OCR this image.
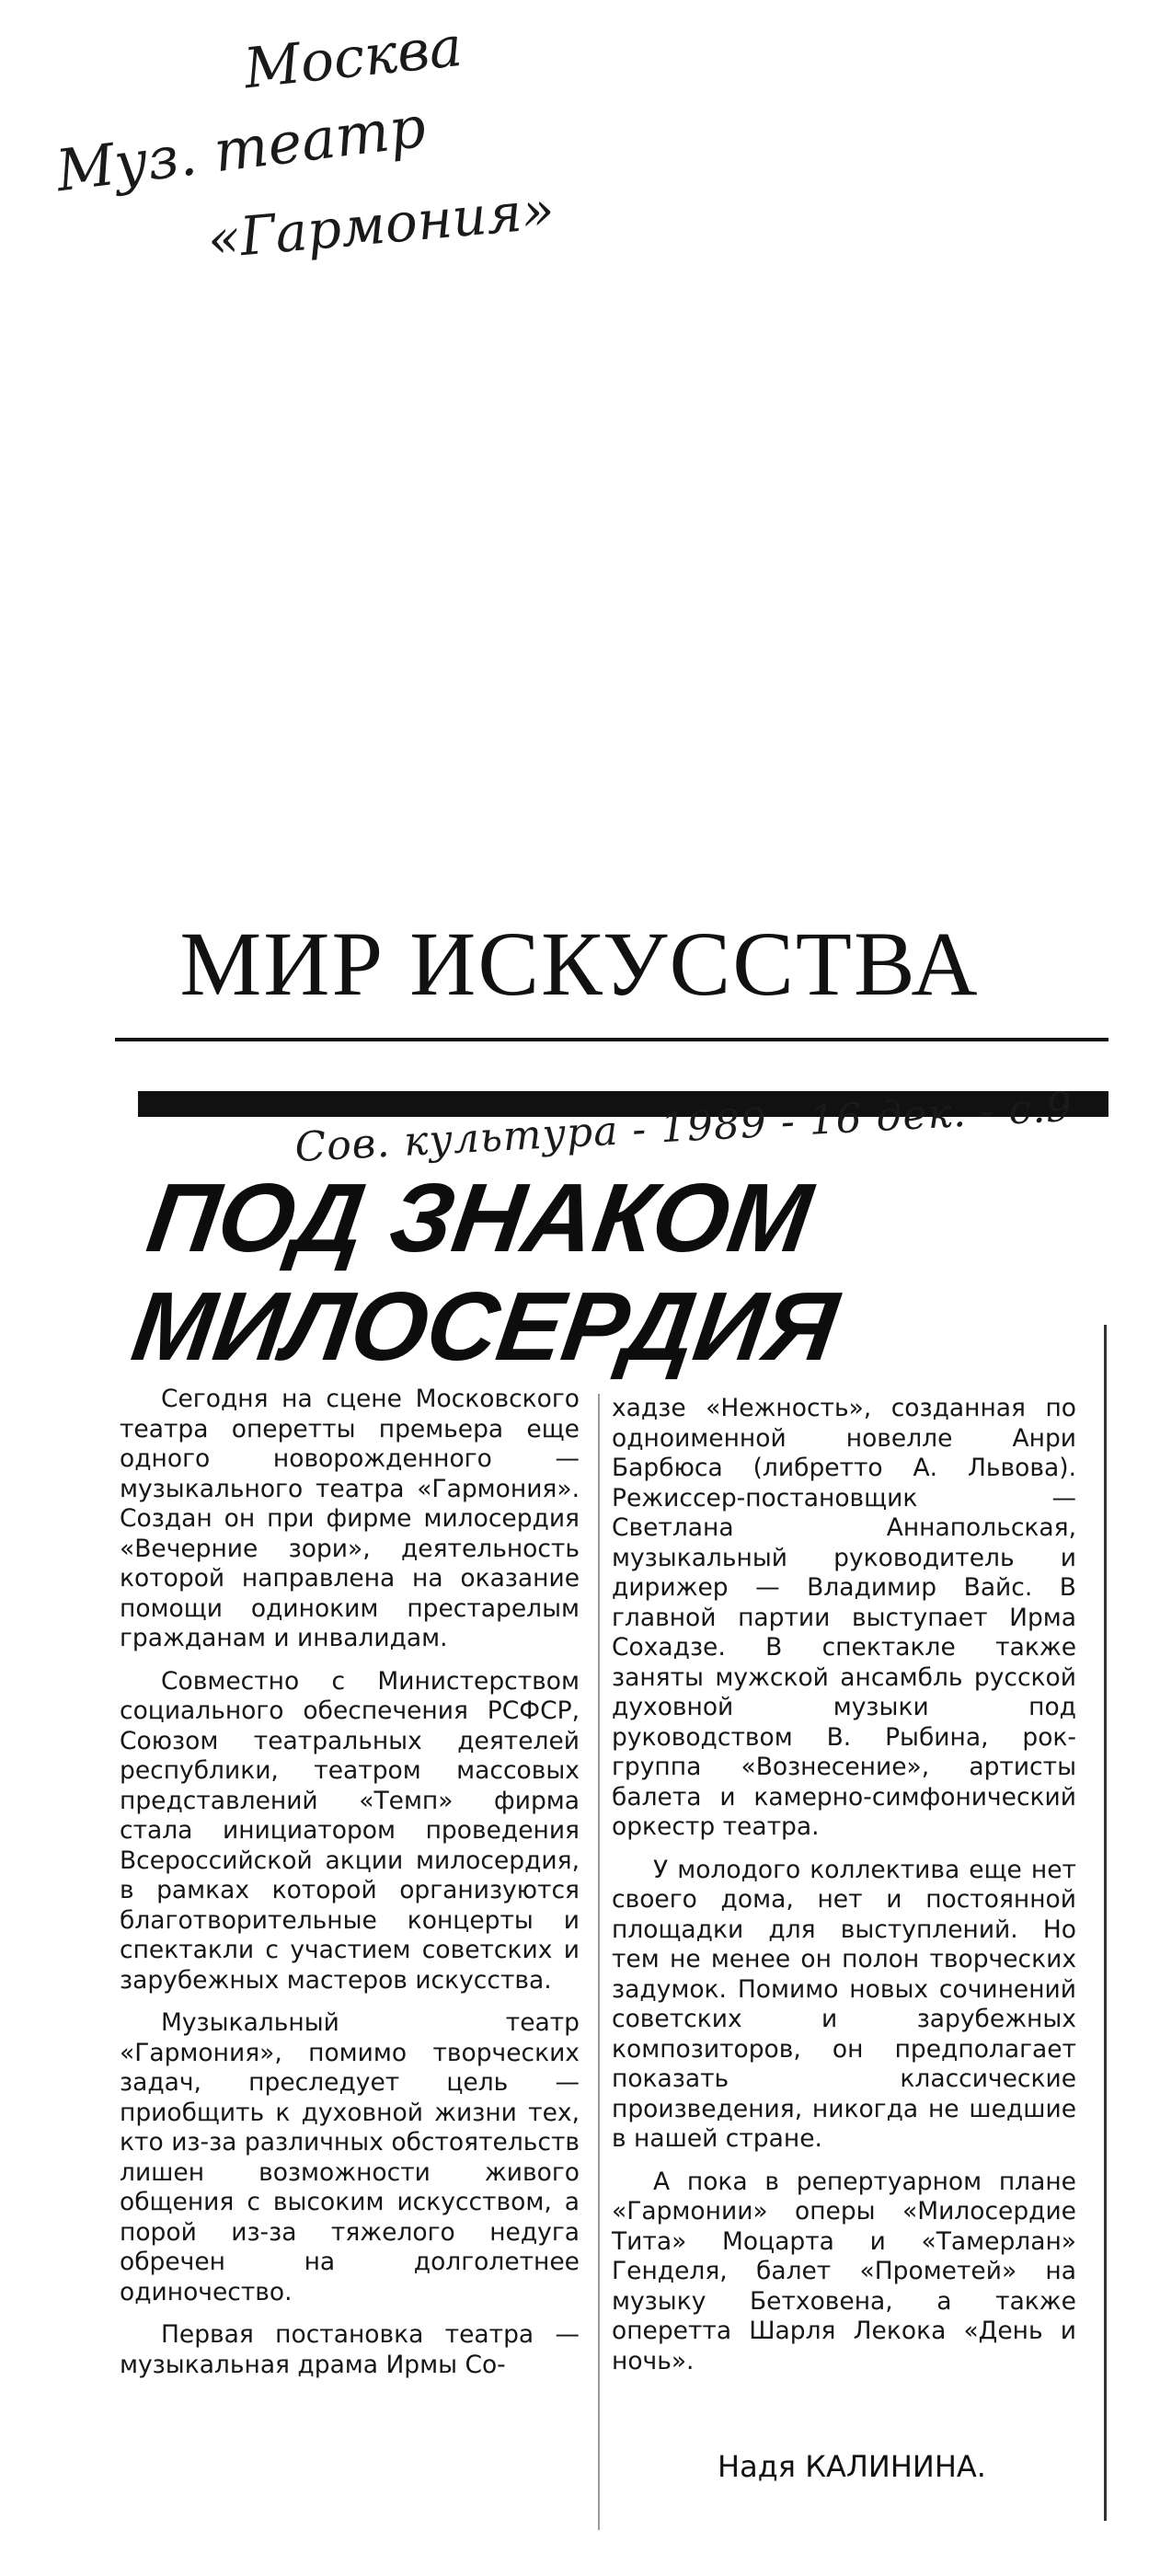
Москва
Муз. театр
«Гармония»
МИР ИСКУССТВА
Сов. культура - 1989 - 16 дек. - с.9
ПОД ЗНАКОМ
МИЛОСЕРДИЯ

Сегодня на сцене Московского театра оперетты премьера еще одного новорожденного — музыкального театра «Гармония». Создан он при фирме милосердия «Вечерние зори», деятельность которой направлена на оказание помощи одиноким престарелым гражданам и инвалидам.

Совместно с Министерством социального обеспечения РСФСР, Союзом театральных деятелей республики, театром массовых представлений «Темп» фирма стала инициатором проведения Всероссийской акции милосердия, в рамках которой организуются благотворительные концерты и спектакли с участием советских и зарубежных мастеров искусства.

Музыкальный театр «Гармония», помимо творческих задач, преследует цель — приобщить к духовной жизни тех, кто из-за различных обстоятельств лишен возможности живого общения с высоким искусством, а порой из-за тяжелого недуга обречен на долголетнее одиночество.

Первая постановка театра — музыкальная драма Ирмы Со-

хадзе «Нежность», созданная по одноименной новелле Анри Барбюса (либретто А. Львова). Режиссер-постановщик — Светлана Аннапольская, музыкальный руководитель и дирижер — Владимир Вайс. В главной партии выступает Ирма Сохадзе. В спектакле также заняты мужской ансамбль русской духовной музыки под руководством В. Рыбина, рок-группа «Вознесение», артисты балета и камерно-симфонический оркестр театра.

У молодого коллектива еще нет своего дома, нет и постоянной площадки для выступлений. Но тем не менее он полон творческих задумок. Помимо новых сочинений советских и зарубежных композиторов, он предполагает показать классические произведения, никогда не шедшие в нашей стране.

А пока в репертуарном плане «Гармонии» оперы «Милосердие Тита» Моцарта и «Тамерлан» Генделя, балет «Прометей» на музыку Бетховена, а также оперетта Шарля Лекока «День и ночь».

Надя КАЛИНИНА.
